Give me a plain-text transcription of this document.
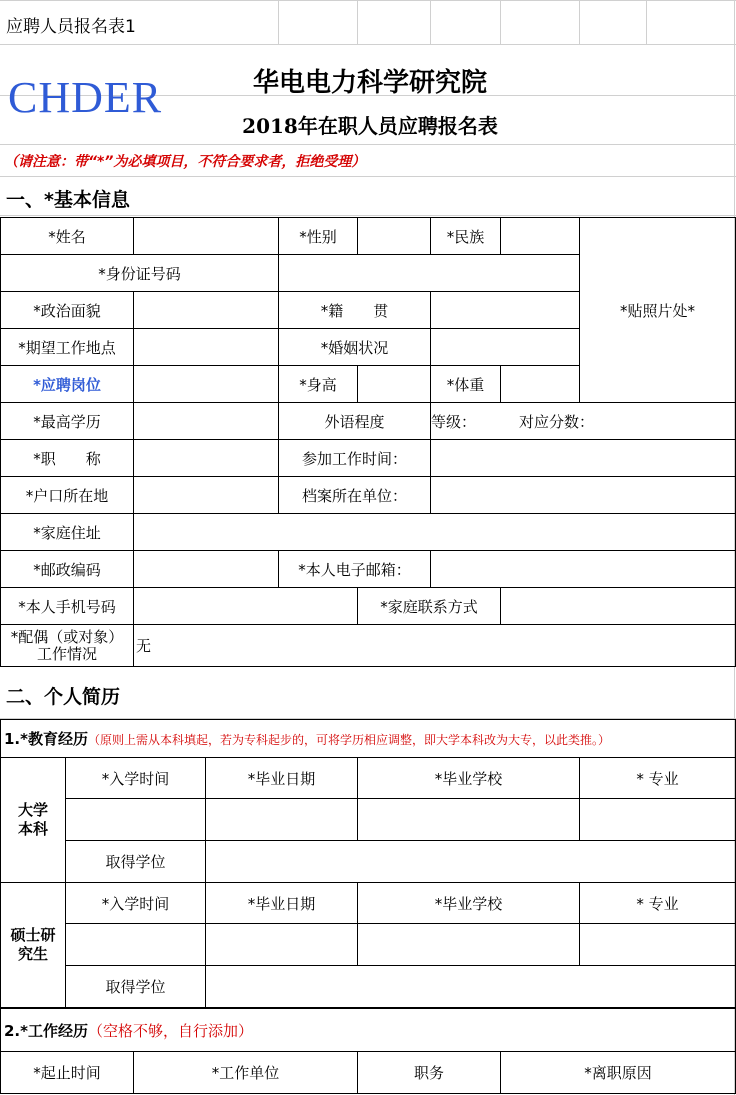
应聘人员报名表1
CHDER	华电电力科学研究院
2018年在职人员应聘报名表
（请注意：带“*”为必填项目，不符合要求者，拒绝受理）
一、*基本信息
*姓名		*性别		*民族		*贴照片处*
*身份证号码						
*政治面貌		*籍　　贯				
*期望工作地点		*婚姻状况				
*应聘岗位		*身高		*体重		
*最高学历		外语程度		等级： 对应分数：		
*职　　称		参加工作时间：				
*户口所在地		档案所在单位：				
*家庭住址						
*邮政编码		*本人电子邮箱：				
*本人手机号码			*家庭联系方式			

*配偶（或对象）
工作情况	无					
二、个人简历
1.*教育经历（原则上需从本科填起，若为专科起步的，可将学历相应调整，即大学本科改为大专，以此类推。）				

大学
本科	*入学时间	*毕业日期	*毕业学校	* 专业

	取得学位			

硕士研
究生	*入学时间	*毕业日期	*毕业学校	* 专业

	取得学位			
2.*工作经历（空格不够，自行添加）
*起止时间	*工作单位	职务	*离职原因
